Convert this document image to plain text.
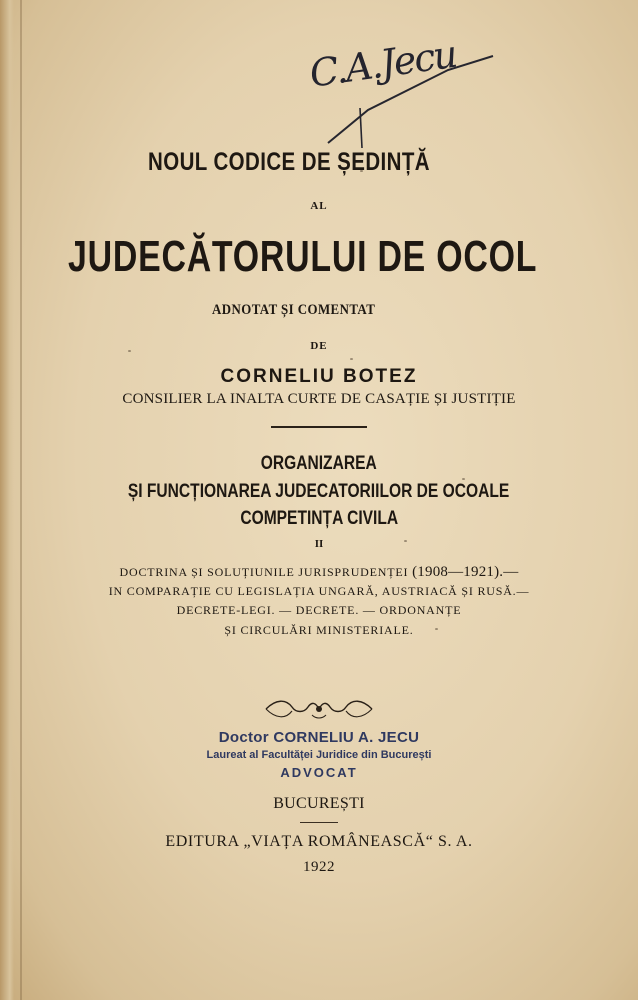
C.A.Jecu
NOUL CODICE DE ȘEDINȚĂ
AL
JUDECĂTORULUI DE OCOL
ADNOTAT ȘI COMENTAT
DE
CORNELIU BOTEZ
CONSILIER LA INALTA CURTE DE CASAȚIE ȘI JUSTIȚIE
ORGANIZAREA
ȘI FUNCȚIONAREA JUDECATORIILOR DE OCOALE
COMPETINȚA CIVILA
II
DOCTRINA ȘI SOLUȚIUNILE JURISPRUDENȚEI (1908—1921).—
IN COMPARAȚIE CU LEGISLAȚIA UNGARĂ, AUSTRIACĂ ȘI RUSĂ.—
DECRETE-LEGI. — DECRETE. — ORDONANȚE
ȘI CIRCULĂRI MINISTERIALE.
Doctor CORNELIU A. JECU
Laureat al Facultăței Juridice din București
ADVOCAT
BUCUREȘTI
EDITURA „VIAȚA ROMÂNEASCĂ“ S. A.
1922
